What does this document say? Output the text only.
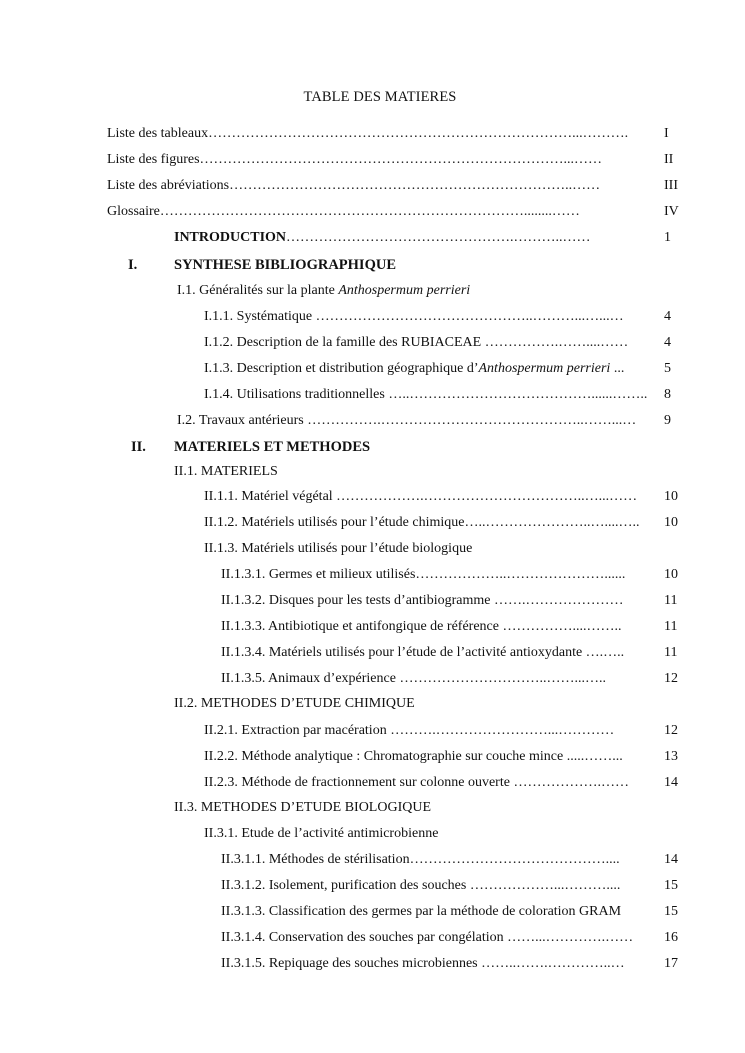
TABLE DES MATIERES
Liste des tableaux……………………………………………………………………...……….	I
Liste des figures……………………………………………………………………...……	II
Liste des abréviations………………………………………………………………..……	III
Glossaire……………………………………………………………………........……	IV
INTRODUCTION………………………………………….………..……	1
I.	SYNTHESE BIBLIOGRAPHIQUE
I.1. Généralités sur la plante Anthospermum perrieri
I.1.1. Systématique ………………………………………..………...…...…	4
I.1.2. Description de la famille des RUBIACEAE …………….……....……	4
I.1.3. Description et distribution géographique d’Anthospermum perrieri ...	5
I.1.4. Utilisations traditionnelles …..…………………………………......……..	8
I.2. Travaux antérieurs …………….……………………………………..……...…	9
II. MATERIELS ET METHODES
II.1. MATERIELS
II.1.1. Matériel végétal ……………….……………………………..…...……	10
II.1.2. Matériels utilisés pour l’étude chimique…..…………………..…....…..	10
II.1.3. Matériels utilisés pour l’étude biologique
II.1.3.1. Germes et milieux utilisés………………..…………………......	10
II.1.3.2. Disques pour les tests d’antibiogramme …….…………………	11
II.1.3.3. Antibiotique et antifongique de référence ……………....……..	11
II.1.3.4. Matériels utilisés pour l’étude de l’activité antioxydante ….…..	11
II.1.3.5. Animaux d’expérience …………………………..……...…..	12
II.2. METHODES D’ETUDE CHIMIQUE
II.2.1. Extraction par macération ……….……………………...…………	12
II.2.2. Méthode analytique : Chromatographie sur couche mince .....……...	13
II.2.3. Méthode de fractionnement sur colonne ouverte ……………….……	14
II.3. METHODES D’ETUDE BIOLOGIQUE
II.3.1. Etude de l’activité antimicrobienne
II.3.1.1. Méthodes de stérilisation……………………………………....	14
II.3.1.2. Isolement, purification des souches ………………...………....	15
II.3.1.3. Classification des germes par la méthode de coloration GRAM	15
II.3.1.4. Conservation des souches par congélation ……...………….……	16
II.3.1.5. Repiquage des souches microbiennes ……..…….…………..…	17
